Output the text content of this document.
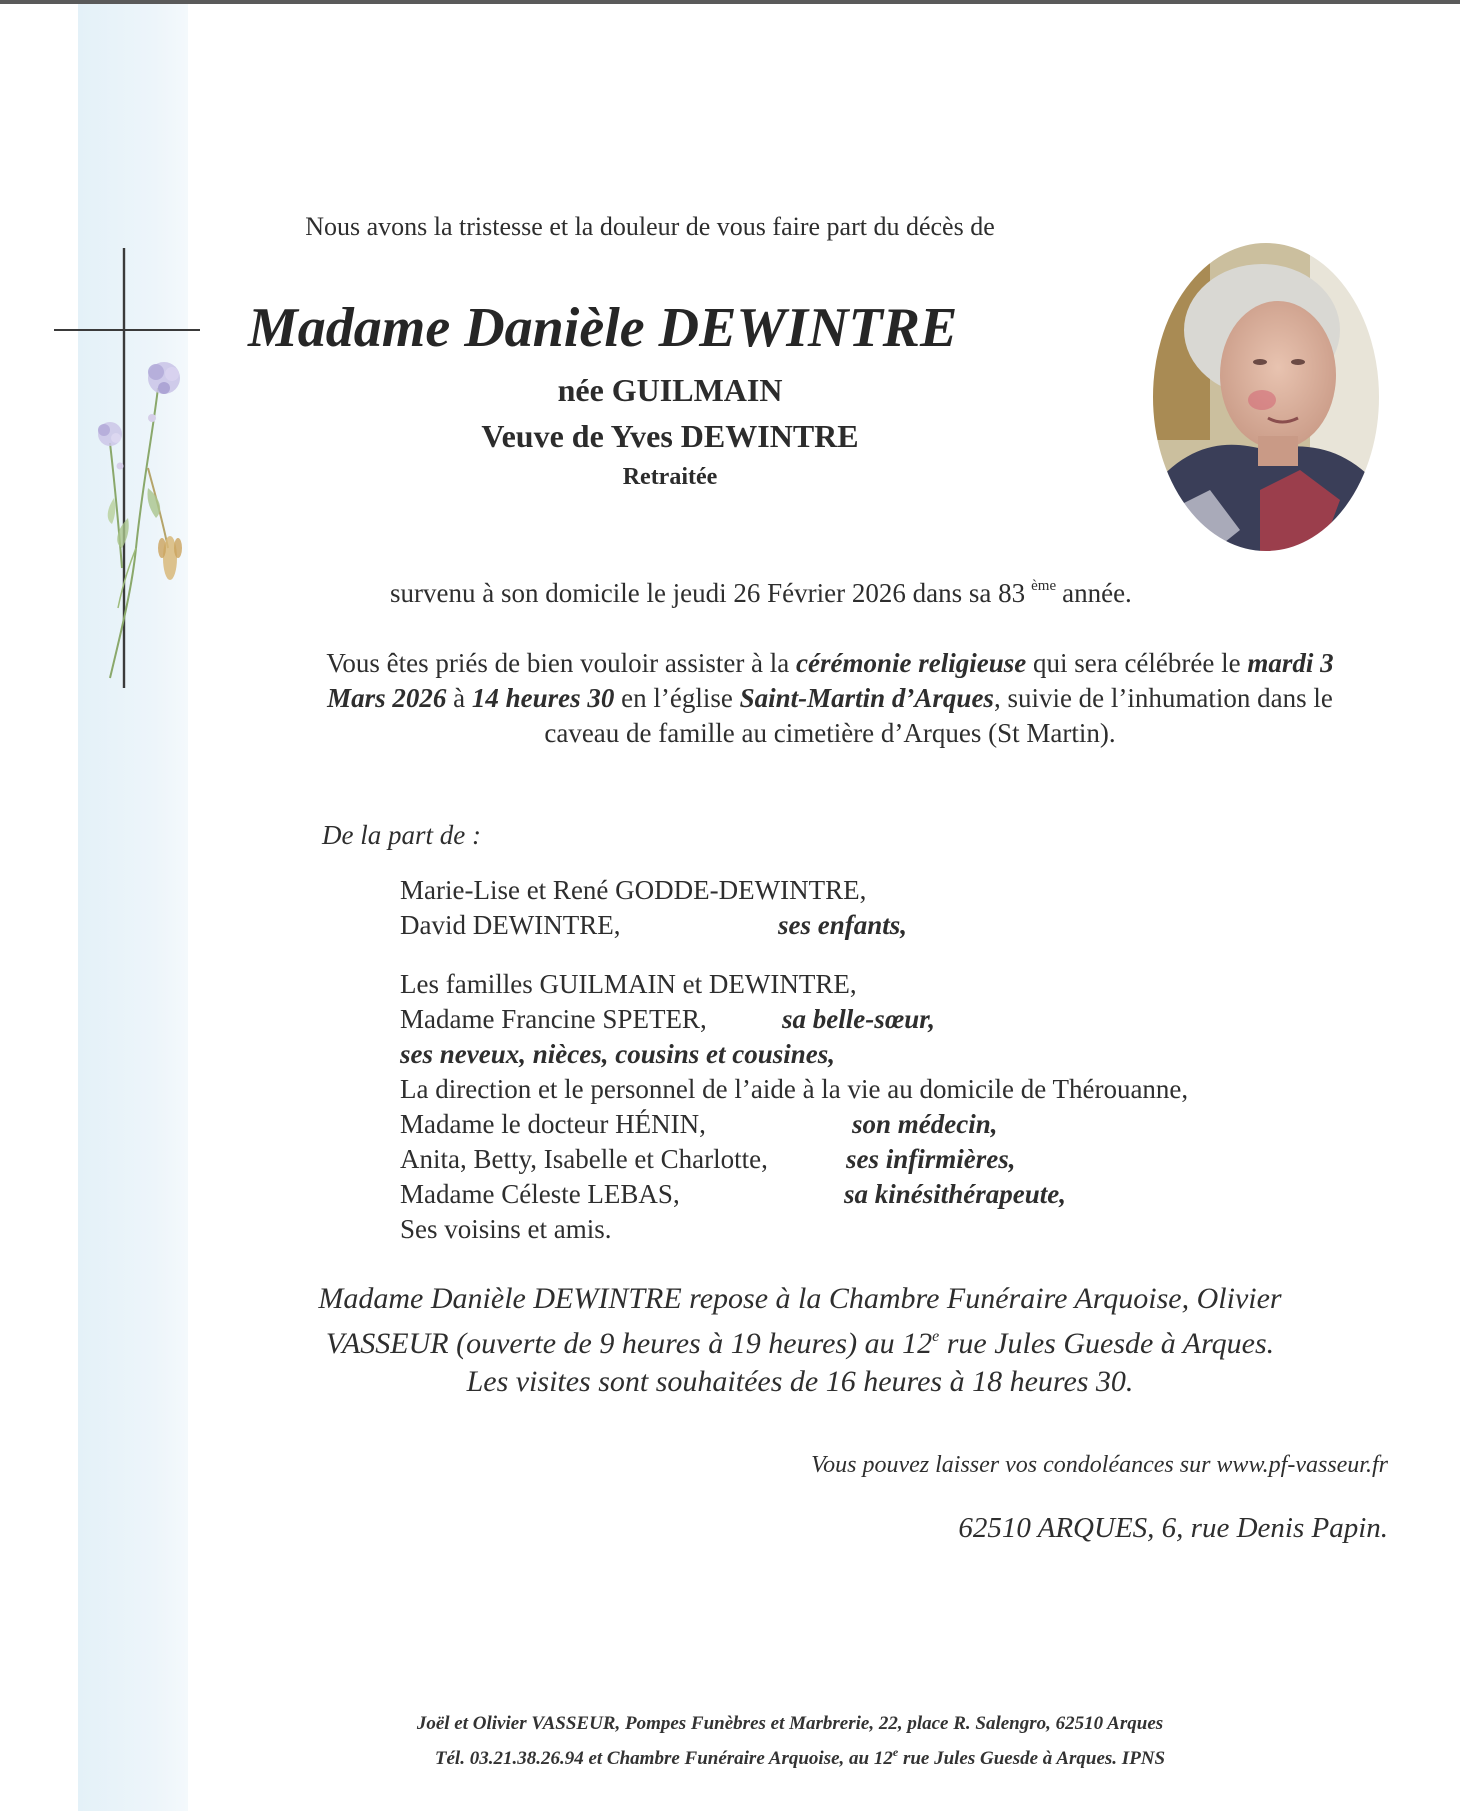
Nous avons la tristesse et la douleur de vous faire part du décès de

Madame Danièle DEWINTRE
née GUILMAIN
Veuve de Yves DEWINTRE
Retraitée

survenu à son domicile le jeudi 26 Février 2026 dans sa 83 $^{ème}$ année.

Vous êtes priés de bien vouloir assister à la cérémonie religieuse qui sera célébrée le mardi 3 Mars 2026 à 14 heures 30 en l’église Saint-Martin d’Arques, suivie de l’inhumation dans le caveau de famille au cimetière d’Arques (St Martin).

De la part de :

Marie-Lise et René GODDE-DEWINTRE,
David DEWINTRE,	ses enfants,
Les familles GUILMAIN et DEWINTRE,
Madame Francine SPETER,	sa belle-sœur,
ses neveux, nièces, cousins et cousines,
La direction et le personnel de l’aide à la vie au domicile de Thérouanne,
Madame le docteur HÉNIN,	son médecin,
Anita, Betty, Isabelle et Charlotte,	ses infirmières,
Madame Céleste LEBAS,	sa kinésithérapeute,
Ses voisins et amis.

Madame Danièle DEWINTRE repose à la Chambre Funéraire Arquoise, Olivier
VASSEUR (ouverte de 9 heures à 19 heures) au 12e rue Jules Guesde à Arques.
Les visites sont souhaitées de 16 heures à 18 heures 30.

Vous pouvez laisser vos condoléances sur www.pf-vasseur.fr

62510 ARQUES, 6, rue Denis Papin.

Joël et Olivier VASSEUR, Pompes Funèbres et Marbrerie, 22, place R. Salengro, 62510 Arques
Tél. 03.21.38.26.94 et Chambre Funéraire Arquoise, au 12e rue Jules Guesde à Arques. IPNS
